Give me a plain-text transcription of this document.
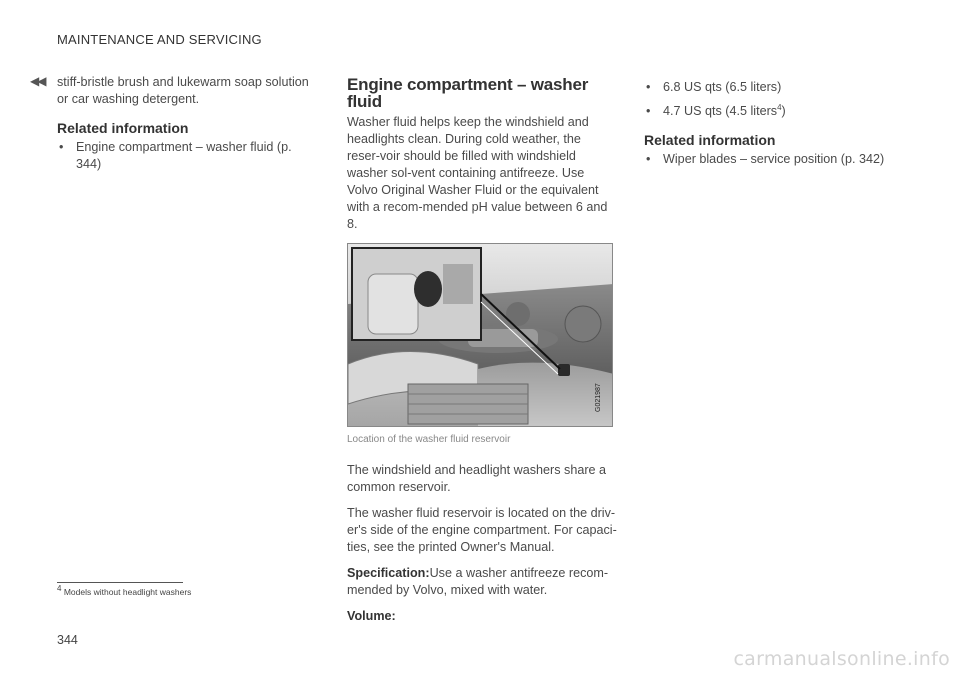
MAINTENANCE AND SERVICING
◀◀ stiff-bristle brush and lukewarm soap solution or car washing detergent.
Related information
• Engine compartment – washer fluid (p. 344)
Engine compartment – washer fluid

Washer fluid helps keep the windshield and headlights clean. During cold weather, the reser-voir should be filled with windshield washer sol-vent containing antifreeze. Use Volvo Original Washer Fluid or the equivalent with a recom-mended pH value between 6 and 8.

G021987
Location of the washer fluid reservoir

The windshield and headlight washers share a common reservoir.

The washer fluid reservoir is located on the driv-er's side of the engine compartment. For capaci-ties, see the printed Owner's Manual.

Specification:Use a washer antifreeze recom-mended by Volvo, mixed with water.

Volume:

• 6.8 US qts (6.5 liters)
• 4.7 US qts (4.5 liters$^4$)
Related information
• Wiper blades – service position (p. 342)
$^4$ Models without headlight washers
344
carmanualsonline.info
